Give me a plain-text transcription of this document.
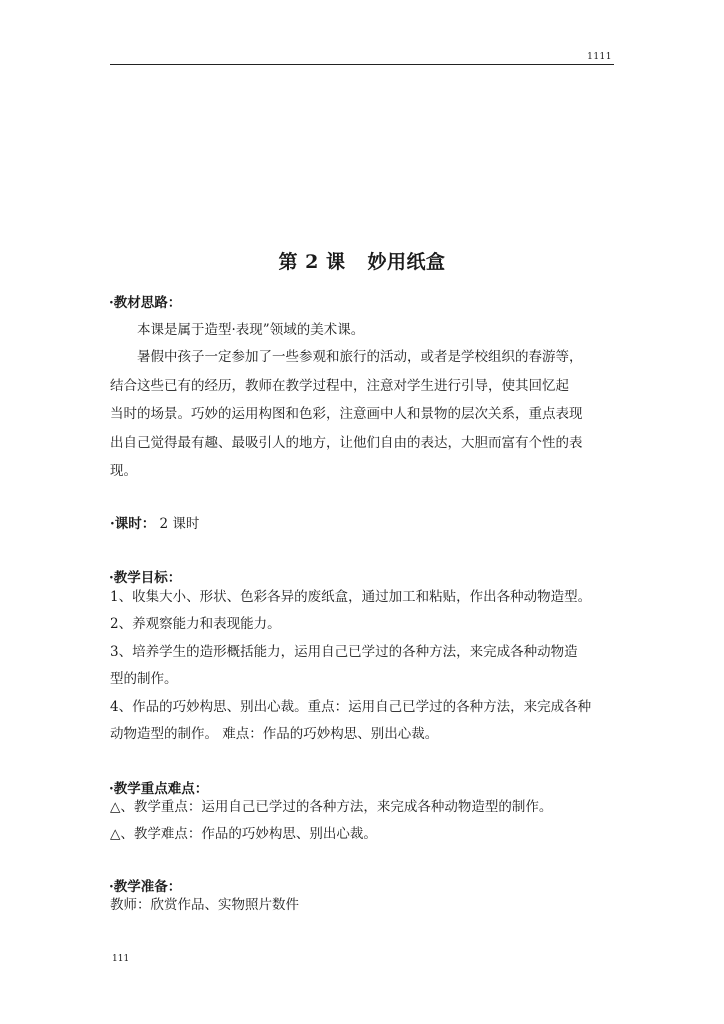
1111
第 2 课 妙用纸盒
·教材思路：
本课是属于造型·表现”领域的美术课。
暑假中孩子一定参加了一些参观和旅行的活动，或者是学校组织的春游等，
结合这些已有的经历，教师在教学过程中，注意对学生进行引导，使其回忆起
当时的场景。巧妙的运用构图和色彩，注意画中人和景物的层次关系，重点表现
出自己觉得最有趣、最吸引人的地方，让他们自由的表达，大胆而富有个性的表
现。
·课时： 2 课时
·教学目标：
1、收集大小、形状、色彩各异的废纸盒，通过加工和粘贴，作出各种动物造型。
2、养观察能力和表现能力。
3、培养学生的造形概括能力，运用自己已学过的各种方法，来完成各种动物造
型的制作。
4、作品的巧妙构思、别出心裁。重点：运用自己已学过的各种方法，来完成各种
动物造型的制作。 难点：作品的巧妙构思、别出心裁。
·教学重点难点：
△、教学重点：运用自己已学过的各种方法，来完成各种动物造型的制作。
△、教学难点：作品的巧妙构思、别出心裁。
·教学准备：
教师：欣赏作品、实物照片数件
111
